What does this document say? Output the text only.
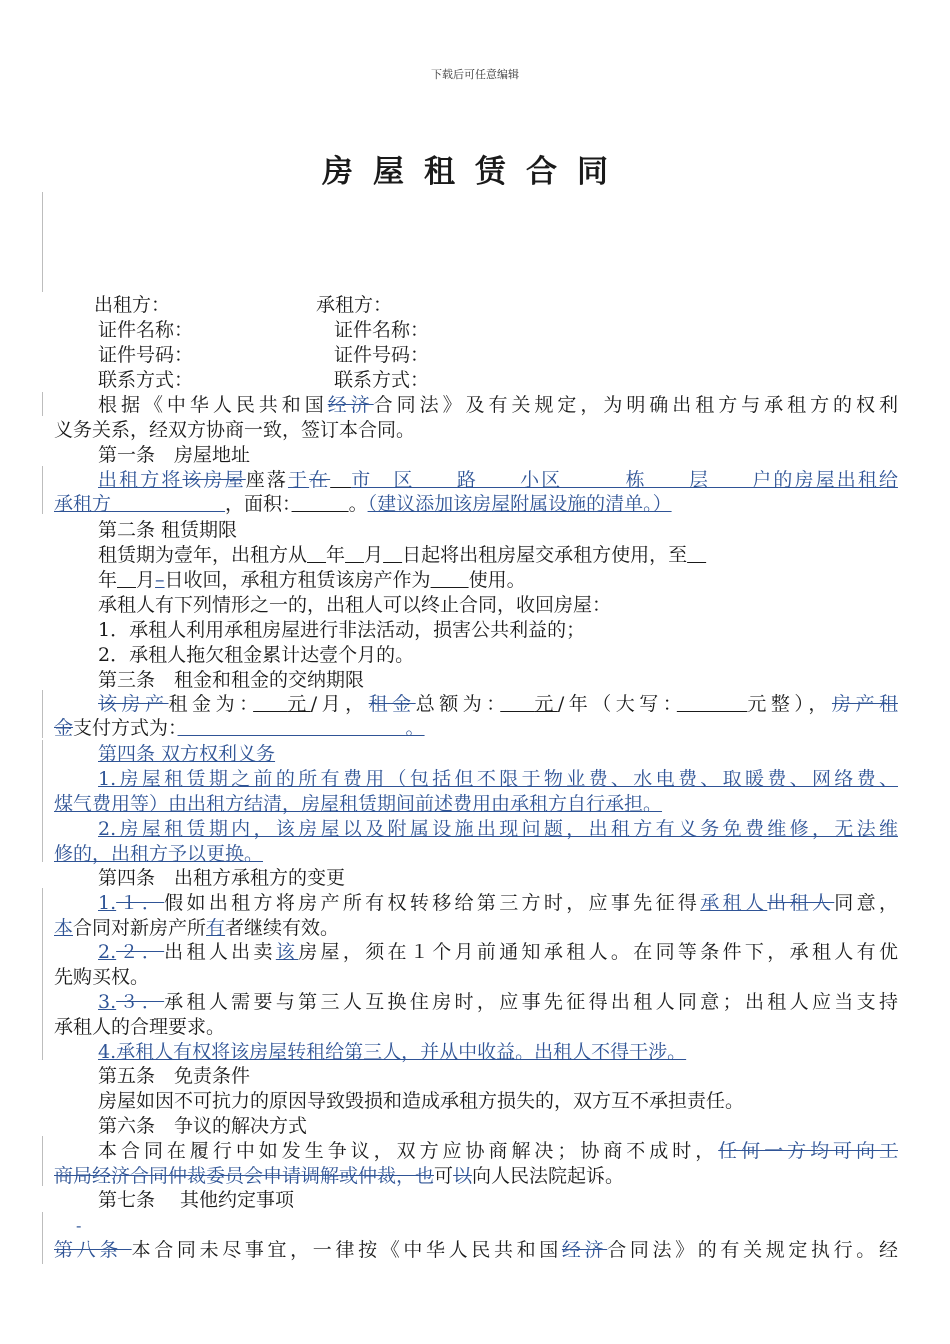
下载后可任意编辑
房屋租赁合同
出租方：	承租方：
证件名称：	证件名称：
证件号码：	证件号码：
联系方式：	联系方式：
根据《中华人民共和国经济合同法》及有关规定，为明确出租方与承租方的权利
义务关系，经双方协商一致，签订本合同。
第一条　房屋地址
出租方将该房屋座落于在　 市　区　　路　　小区　　　栋　　层　　户的房屋出租给
承租方　　　　　　	，面积：　　　	。（建议添加该房屋附属设施的清单。）
第二条 租赁期限
租赁期为壹年，出租方从　 年　 月　 日起将出租房屋交承租方使用，至　
年　 月–日收回，承租方租赁该房产作为　　 使用。
承租人有下列情形之一的，出租人可以终止合同，收回房屋：
1．承租人利用承租房屋进行非法活动，损害公共利益的；
2．承租人拖欠租金累计达壹个月的。
第三条　租金和租金的交纳期限
该房产租金为：　 元/月，租金总额为：　 元/年（大写：　　　	元整），房产租
金支付方式为：　　　　　　　　　　　　	。
第四条 双方权利义务
1.房屋租赁期之前的所有费用（包括但不限于物业费、水电费、取暖费、网络费、
煤气费用等）由出租方结清，房屋租赁期间前述费用由承租方自行承担。
2.房屋租赁期内，该房屋以及附属设施出现问题，出租方有义务免费维修，无法维
修的，出租方予以更换。
第四条　出租方承租方的变更
1.１．假如出租方将房产所有权转移给第三方时，应事先征得承租人出租人同意，
本合同对新房产所有者继续有效。
2.２．出租人出卖该房屋，须在１个月前通知承租人。在同等条件下，承租人有优
先购买权。
3.３．承租人需要与第三人互换住房时，应事先征得出租人同意；出租人应当支持
承租人的合理要求。
4.承租人有权将该房屋转租给第三人，并从中收益。出租人不得干涉。
第五条　免责条件
房屋如因不可抗力的原因导致毁损和造成承租方损失的，双方互不承担责任。
第六条　争议的解决方式
本合同在履行中如发生争议，双方应协商解决；协商不成时，任何一方均可向工
商局经济合同仲裁委员会申请调解或仲裁，也可以向人民法院起诉。
第七条　 其他约定事项
-
第八条 本合同未尽事宜，一律按《中华人民共和国经济合同法》的有关规定执行。经
